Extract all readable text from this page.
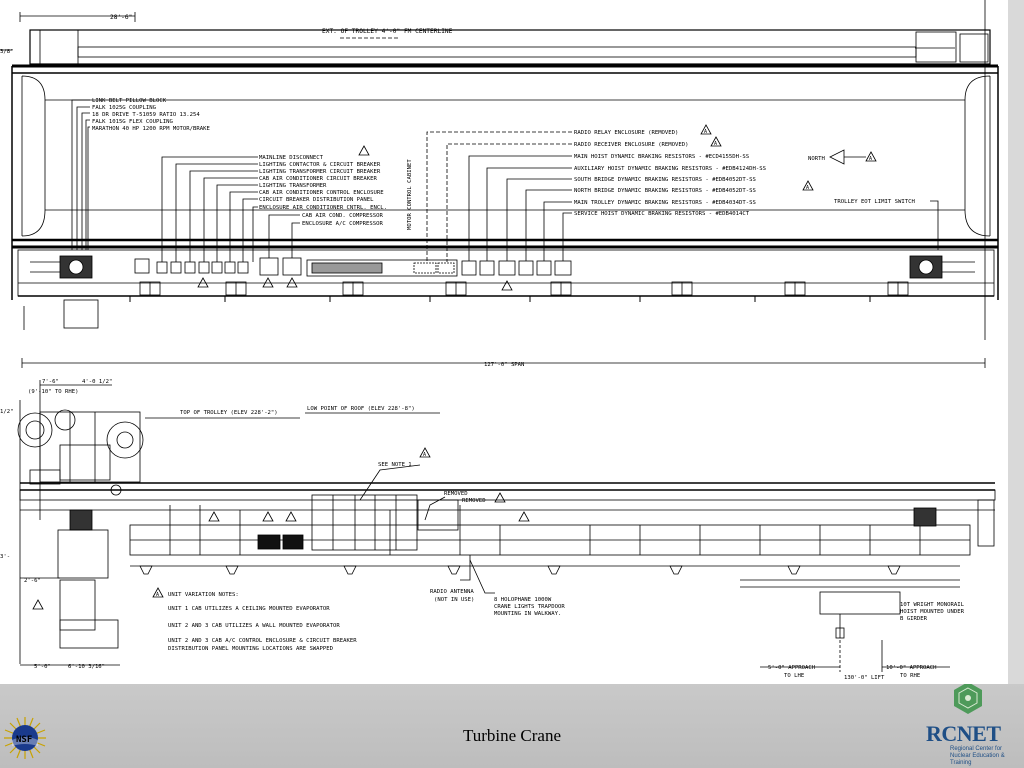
28'-6"
3/8"
EXT. OF TROLLEY 4'-0" FM CENTERLINE
LINK BELT PILLOW BLOCK
FALK 1025G COUPLING
18 DR DRIVE T-51059 RATIO 13.254
FALK 1015G FLEX COUPLING
MARATHON 40 HP 1200 RPM MOTOR/BRAKE
MAINLINE DISCONNECT
LIGHTING CONTACTOR & CIRCUIT BREAKER
LIGHTING TRANSFORMER CIRCUIT BREAKER
CAB AIR CONDITIONER CIRCUIT BREAKER
LIGHTING TRANSFORMER
CAB AIR CONDITIONER CONTROL ENCLOSURE
CIRCUIT BREAKER DISTRIBUTION PANEL
ENCLOSURE AIR CONDITIONER CNTRL. ENCL.
CAB AIR COND. COMPRESSOR
ENCLOSURE A/C COMPRESSOR	MOTOR CONTROL CABINET
RADIO RELAY ENCLOSURE (REMOVED)
RADIO RECEIVER ENCLOSURE (REMOVED)
MAIN HOIST DYNAMIC BRAKING RESISTORS - #ECD4155DH-SS
AUXILIARY HOIST DYNAMIC BRAKING RESISTORS - #EDB4124DH-SS
SOUTH BRIDGE DYNAMIC BRAKING RESISTORS - #EDB4052DT-SS
NORTH BRIDGE DYNAMIC BRAKING RESISTORS - #EDB4052DT-SS
MAIN TROLLEY DYNAMIC BRAKING RESISTORS - #EDB4034DT-SS
SERVICE HOIST DYNAMIC BRAKING RESISTORS - #EDB4014CT
NORTH
TROLLEY EOT LIMIT SWITCH
127'-0" SPAN
7'-6"	4'-0 1/2"
(9'-10" TO RHE)
1/2"	TOP OF TROLLEY (ELEV 228'-2")
LOW POINT OF ROOF (ELEV 228'-8")
SEE NOTE 1
REMOVED
REMOVED
3'-
2'-6"
UNIT VARIATION NOTES:
UNIT 1 CAB UTILIZES A CEILING MOUNTED EVAPORATOR
UNIT 2 AND 3 CAB UTILIZES A WALL MOUNTED EVAPORATOR
UNIT 2 AND 3 CAB A/C CONTROL ENCLOSURE & CIRCUIT BREAKER
DISTRIBUTION PANEL MOUNTING LOCATIONS ARE SWAPPED
RADIO ANTENNA
(NOT IN USE)	8 HOLOPHANE 1000W
CRANE LIGHTS TRAPDOOR
MOUNTING IN WALKWAY.
10T WRIGHT MONORAIL
HOIST MOUNTED UNDER
B GIRDER
5'-0" APPROACH
TO LHE
10'-0" APPROACH
TO RHE
130'-0" LIFT
5'-0"	6'-10 3/16"
A
A
A
A
A
A
NSF	Turbine Crane	RCNET
Regional Center for
Nuclear Education & Training
